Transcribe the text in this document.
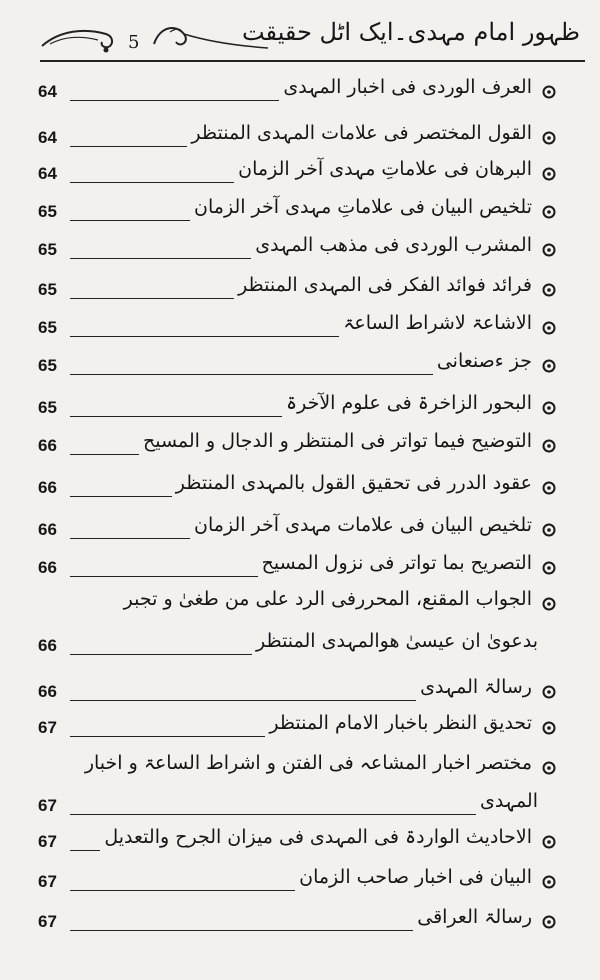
5	ظہور امام مہدی۔ایک اٹل حقیقت
العرف الوردی فی اخبار المہدی
64
القول المختصر فی علامات المہدی المنتظر
64
البرھان فی علاماتِ مہدی آخر الزمان
64
تلخیص البیان فی علاماتِ مہدی آخر الزمان
65
المشرب الوردی فی مذھب المہدی
65
فرائد فوائد الفکر فی المہدی المنتظر
65
الاشاعۃ لاشراط الساعۃ
65
جز ءصنعانی
65
البحور الزاخرۃ فی علوم الآخرۃ
65
التوضیح فیما تواتر فی المنتظر و الدجال و المسیح
66
عقود الدرر فی تحقیق القول بالمہدی المنتظر
66
تلخیص البیان فی علامات مہدی آخر الزمان
66
التصریح بما تواتر فی نزول المسیح
66
الجواب المقنع، المحررفی الرد علی من طغیٰ و تجبر
بدعویٰ ان عیسیٰ ھوالمہدی المنتظر
66
رسالۃ المہدی
66
تحدیق النظر باخبار الامام المنتظر
67
مختصر اخبار المشاعہ فی الفتن و اشراط الساعۃ و اخبار
المہدی
67
الاحادیث الواردۃ فی المہدی فی میزان الجرح والتعدیل
67
البیان فی اخبار صاحب الزمان
67
رسالۃ العراقی
67
